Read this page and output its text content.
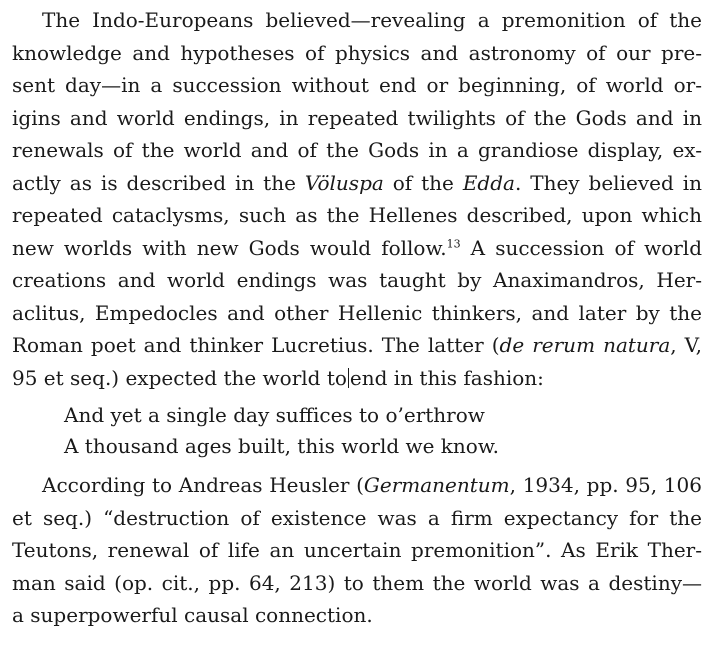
The Indo-Europeans believed—revealing a premonition of the
knowledge and hypotheses of physics and astronomy of our pre-
sent day—in a succession without end or beginning, of world or-
igins and world endings, in repeated twilights of the Gods and in
renewals of the world and of the Gods in a grandiose display, ex-
actly as is described in the Völuspa of the Edda. They believed in
repeated cataclysms, such as the Hellenes described, upon which
new worlds with new Gods would follow.$^{13}$ A succession of world
creations and world endings was taught by Anaximandros, Her-
aclitus, Empedocles and other Hellenic thinkers, and later by the
Roman poet and thinker Lucretius. The latter (de rerum natura, V,
95 et seq.) expected the world to end in this fashion:
And yet a single day suffices to o’erthrow
A thousand ages built, this world we know.
According to Andreas Heusler (Germanentum, 1934, pp. 95, 106
et seq.) “destruction of existence was a firm expectancy for the
Teutons, renewal of life an uncertain premonition”. As Erik Ther-
man said (op. cit., pp. 64, 213) to them the world was a destiny—
a superpowerful causal connection.
